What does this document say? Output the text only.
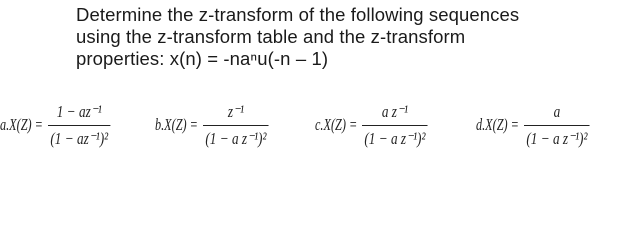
Determine the z-transform of the following sequences
using the z-transform table and the z-transform
properties: x(n) = -naⁿu(-n – 1)
$a.X(Z) = \frac{\text{1 − az⁻¹}}{\text{(1 − az⁻¹)²}}$	$b.X(Z) = \frac{\text{z⁻¹}}{\text{(1 − a z⁻¹)²}}$	$c.X(Z) = \frac{\text{a z⁻¹}}{\text{(1 − a z⁻¹)²}}$	$d.X(Z) = \frac{a}{\text{(1 − a z⁻¹)²}}$
